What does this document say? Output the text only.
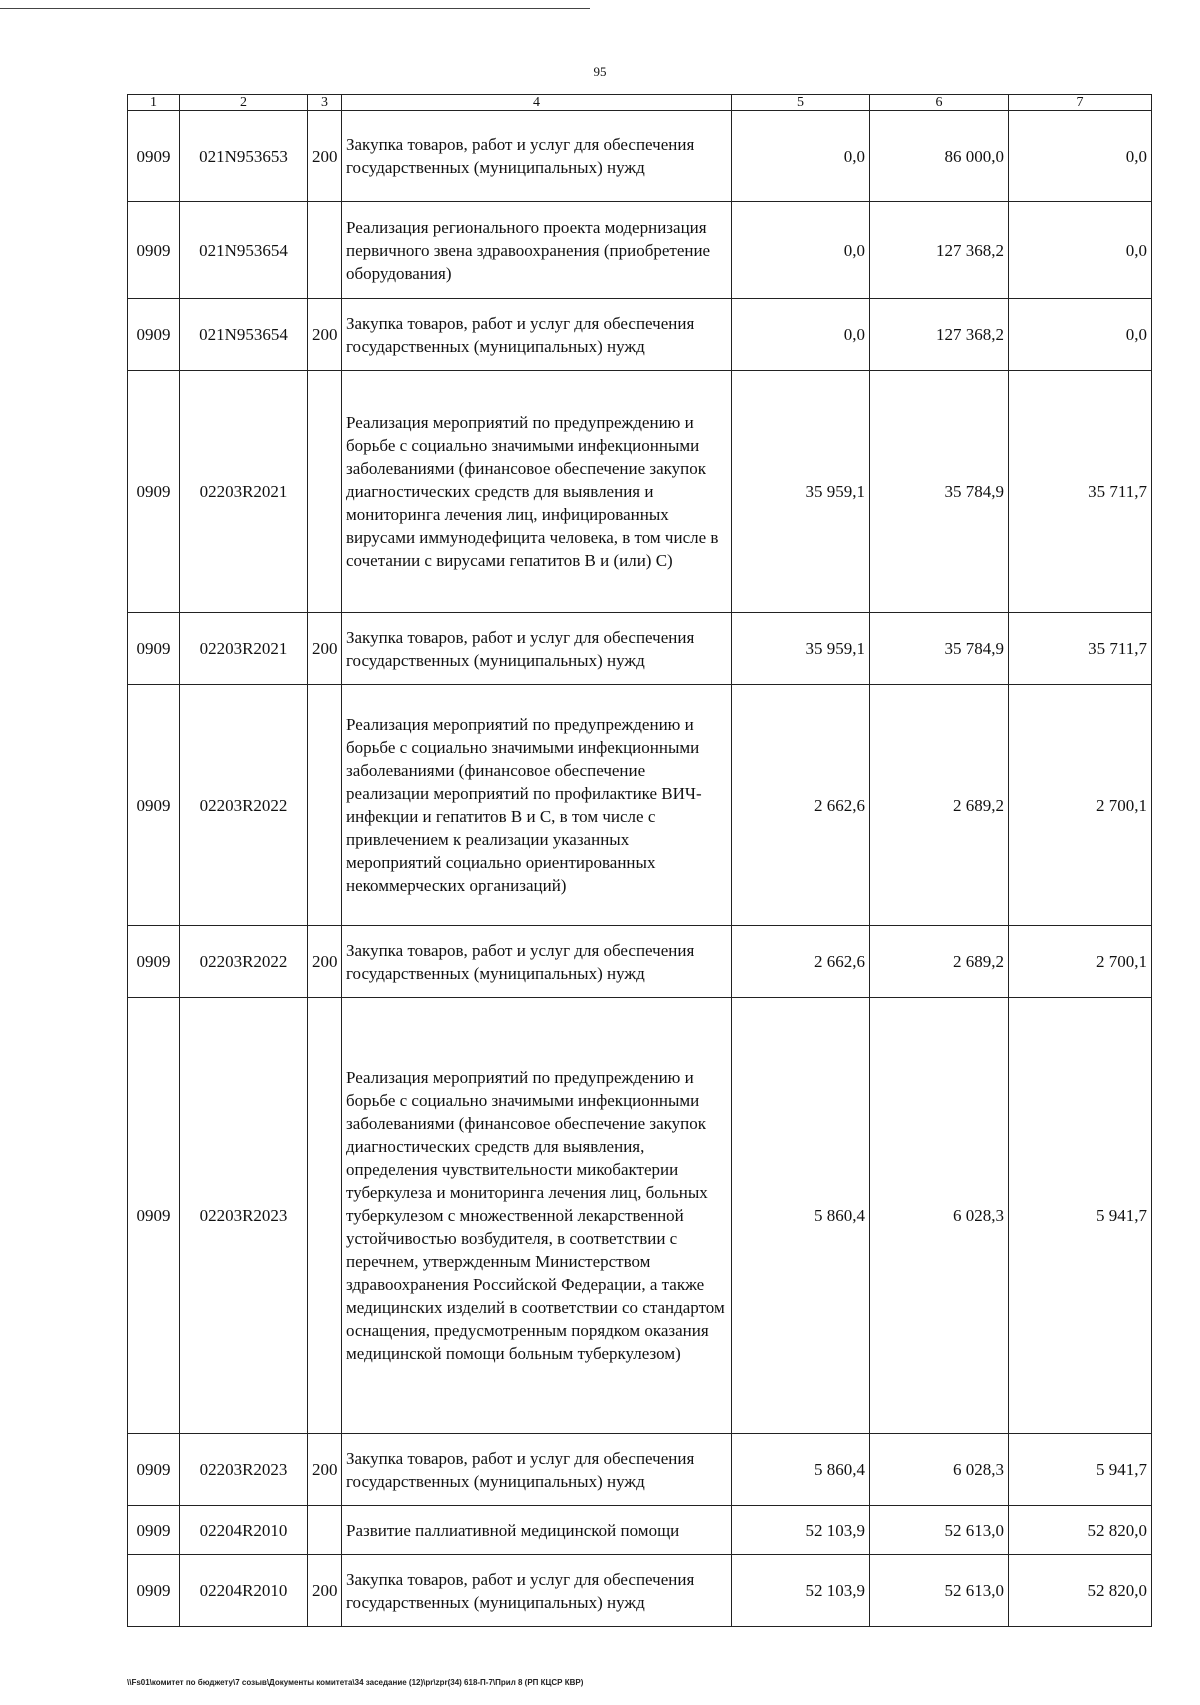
95
1	2	3	4	5	6	7
0909	021N953653	200	Закупка товаров, работ и услуг для обеспечения государственных (муниципальных) нужд	0,0	86 000,0	0,0
0909	021N953654		Реализация регионального проекта модернизация первичного звена здравоохранения (приобретение оборудования)	0,0	127 368,2	0,0
0909	021N953654	200	Закупка товаров, работ и услуг для обеспечения государственных (муниципальных) нужд	0,0	127 368,2	0,0
0909	02203R2021		Реализация мероприятий по предупреждению и борьбе с социально значимыми инфекционными заболеваниями (финансовое обеспечение закупок диагностических средств для выявления и мониторинга лечения лиц, инфицированных вирусами иммунодефицита человека, в том числе в сочетании с вирусами гепатитов В и (или) С)	35 959,1	35 784,9	35 711,7
0909	02203R2021	200	Закупка товаров, работ и услуг для обеспечения государственных (муниципальных) нужд	35 959,1	35 784,9	35 711,7
0909	02203R2022		Реализация мероприятий по предупреждению и борьбе с социально значимыми инфекционными заболеваниями (финансовое обеспечение реализации мероприятий по профилактике ВИЧ-инфекции и гепатитов В и С, в том числе с привлечением к реализации указанных мероприятий социально ориентированных некоммерческих организаций)	2 662,6	2 689,2	2 700,1
0909	02203R2022	200	Закупка товаров, работ и услуг для обеспечения государственных (муниципальных) нужд	2 662,6	2 689,2	2 700,1
0909	02203R2023		Реализация мероприятий по предупреждению и борьбе с социально значимыми инфекционными заболеваниями (финансовое обеспечение закупок диагностических средств для выявления, определения чувствительности микобактерии туберкулеза и мониторинга лечения лиц, больных туберкулезом с множественной лекарственной устойчивостью возбудителя, в соответствии с перечнем, утвержденным Министерством здравоохранения Российской Федерации, а также медицинских изделий в соответствии со стандартом оснащения, предусмотренным порядком оказания медицинской помощи больным туберкулезом)	5 860,4	6 028,3	5 941,7
0909	02203R2023	200	Закупка товаров, работ и услуг для обеспечения государственных (муниципальных) нужд	5 860,4	6 028,3	5 941,7
0909	02204R2010		Развитие паллиативной медицинской помощи	52 103,9	52 613,0	52 820,0
0909	02204R2010	200	Закупка товаров, работ и услуг для обеспечения государственных (муниципальных) нужд	52 103,9	52 613,0	52 820,0
\\Fs01\комитет по бюджету\7 созыв\Документы комитета\34 заседание (12)\pr\zpr(34) 618-П-7\Прил 8 (РП КЦСР КВР)
